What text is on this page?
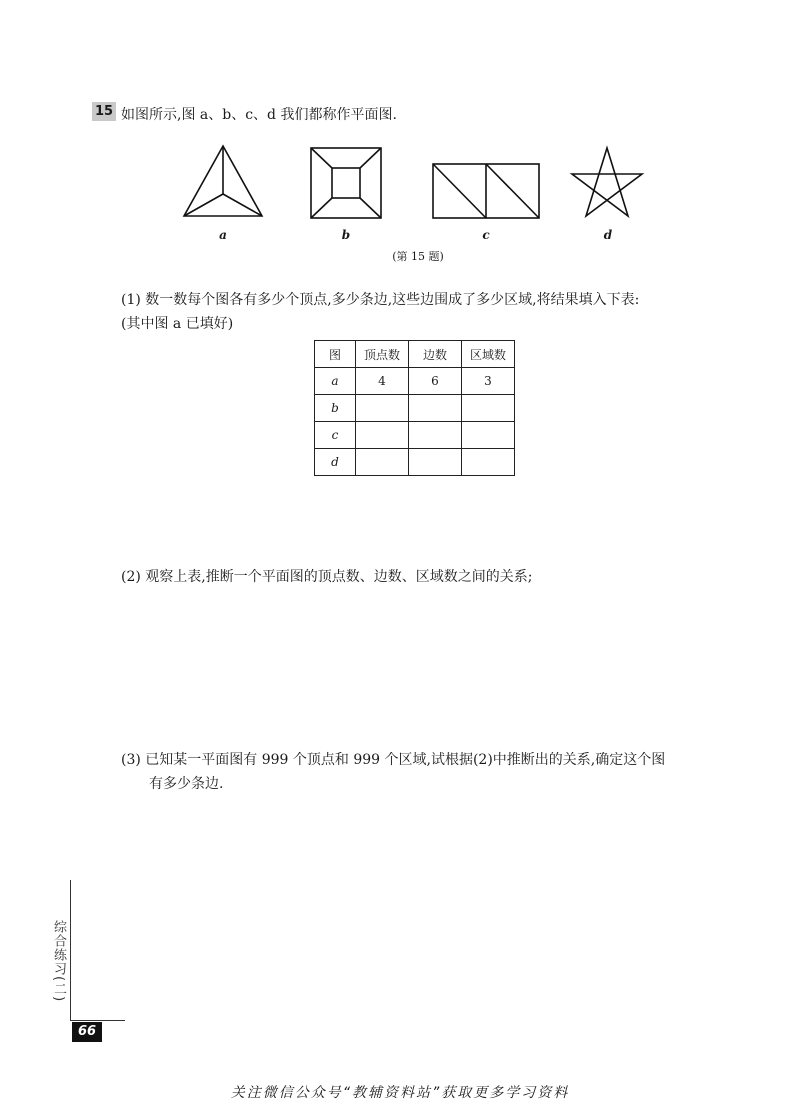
15 如图所示,图 a、b、c、d 我们都称作平面图.
a	b	c	d
(第 15 题)
(1) 数一数每个图各有多少个顶点,多少条边,这些边围成了多少区域,将结果填入下表:
(其中图 a 已填好)
图	顶点数	边数	区域数
a	4	6	3
b			
c			
d			
(2) 观察上表,推断一个平面图的顶点数、边数、区域数之间的关系;
(3) 已知某一平面图有 999 个顶点和 999 个区域,试根据(2)中推断出的关系,确定这个图
有多少条边.
综合练习(二)
66
关注微信公众号“教辅资料站”获取更多学习资料
